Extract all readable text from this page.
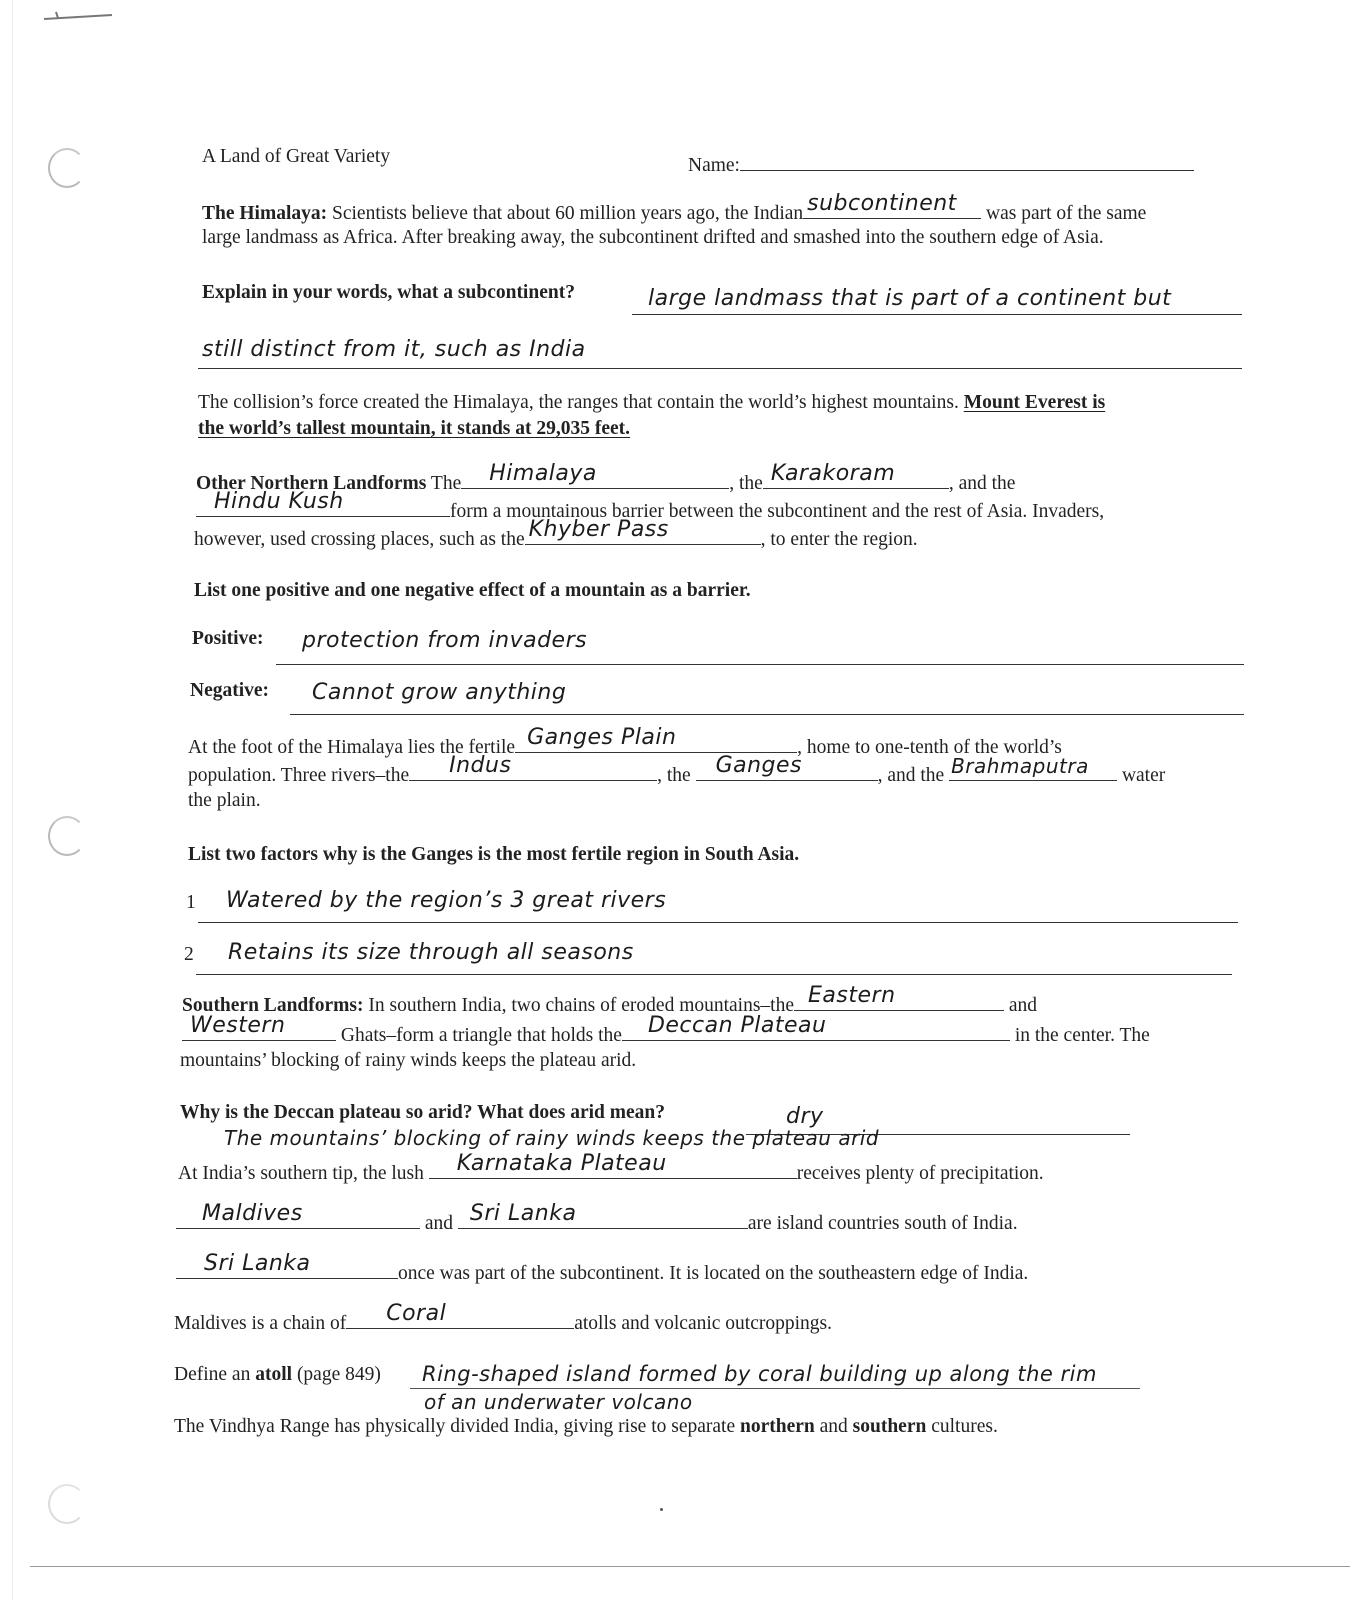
A Land of Great Variety	Name:
The Himalaya: Scientists believe that about 60 million years ago, the Indian subcontinent was part of the same
large landmass as Africa. After breaking away, the subcontinent drifted and smashed into the southern edge of Asia.
Explain in your words, what a subcontinent?	large landmass that is part of a continent but
still distinct from it, such as India
The collision’s force created the Himalaya, the ranges that contain the world’s highest mountains. Mount Everest is
the world’s tallest mountain, it stands at 29,035 feet.
Other Northern Landforms The Himalaya	, the Karakoram	, and the
Hindu Kush	form a mountainous barrier between the subcontinent and the rest of Asia. Invaders,
however, used crossing places, such as the Khyber Pass	, to enter the region.
List one positive and one negative effect of a mountain as a barrier.
Positive: protection from invaders
Negative: Cannot grow anything
At the foot of the Himalaya lies the fertile Ganges Plain	, home to one-tenth of the world’s
population. Three rivers–the Indus	, the Ganges	, and the Brahmaputra water
the plain.
List two factors why is the Ganges is the most fertile region in South Asia.
1 Watered by the region’s 3 great rivers
2 Retains its size through all seasons
Southern Landforms: In southern India, two chains of eroded mountains–the Eastern	and
Western	Ghats–form a triangle that holds the Deccan Plateau	in the center. The
mountains’ blocking of rainy winds keeps the plateau arid.
Why is the Deccan plateau so arid? What does arid mean?	dry
The mountains’ blocking of rainy winds keeps the plateau arid
At India’s southern tip, the lush Karnataka Plateau	receives plenty of precipitation.
Maldives	and Sri Lanka	are island countries south of India.
Sri Lanka	once was part of the subcontinent. It is located on the southeastern edge of India.
Maldives is a chain of Coral	atolls and volcanic outcroppings.
Define an atoll (page 849) Ring-shaped island formed by coral building up along the rim
of an underwater volcano
The Vindhya Range has physically divided India, giving rise to separate northern and southern cultures.
